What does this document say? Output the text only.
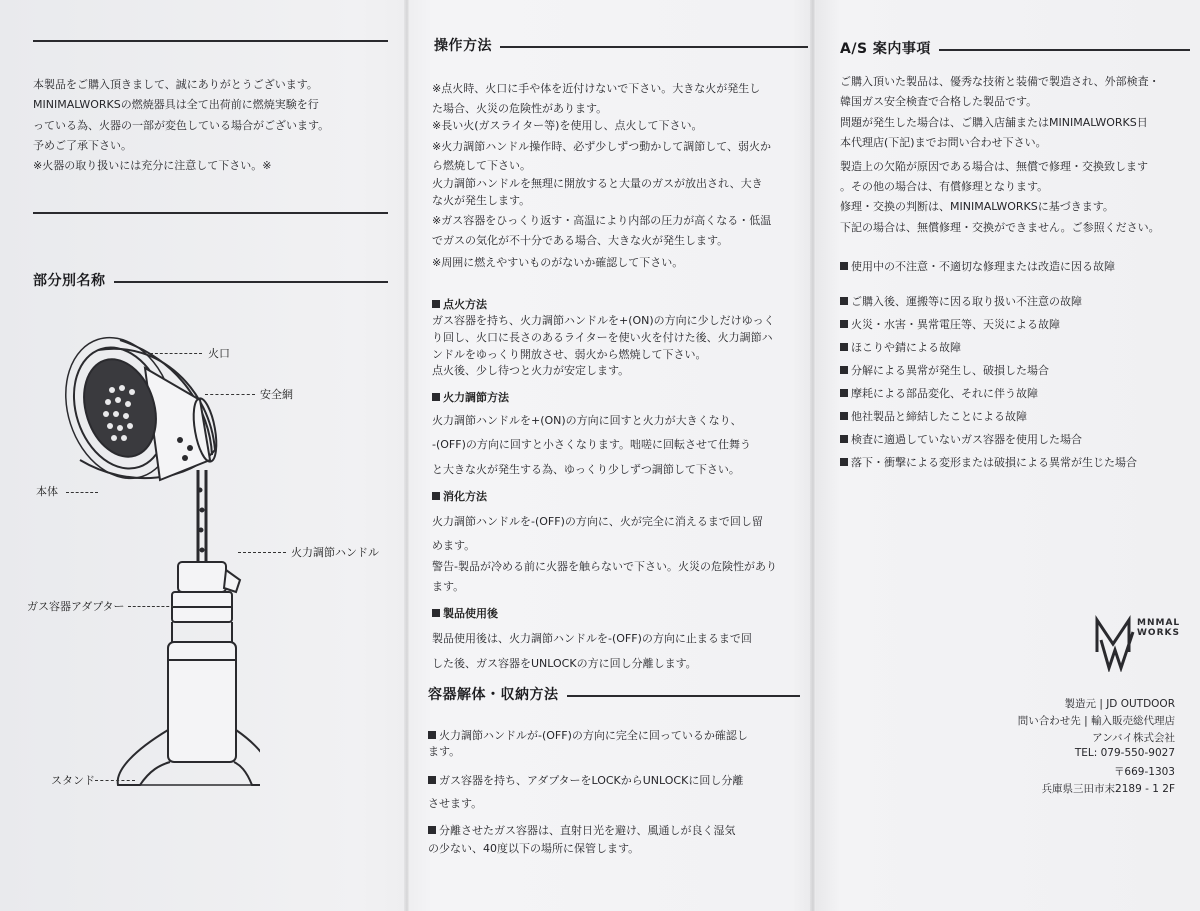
本製品をご購入頂きまして、誠にありがとうございます。
MINIMALWORKSの燃焼器具は全て出荷前に燃焼実験を行
っている為、火器の一部が変色している場合がございます。
予めご了承下さい。
※火器の取り扱いには充分に注意して下さい。※
部分別名称
火口
安全網
本体
火力調節ハンドル
ガス容器アダプター
スタンド
操作方法
※点火時、火口に手や体を近付けないで下さい。大きな火が発生し
た場合、火災の危険性があります。
※長い火(ガスライター等)を使用し、点火して下さい。
※火力調節ハンドル操作時、必ず少しずつ動かして調節して、弱火か
ら燃焼して下さい。
火力調節ハンドルを無理に開放すると大量のガスが放出され、大き
な火が発生します。
※ガス容器をひっくり返す・高温により内部の圧力が高くなる・低温
でガスの気化が不十分である場合、大きな火が発生します。
※周囲に燃えやすいものがないか確認して下さい。
点火方法
ガス容器を持ち、火力調節ハンドルを+(ON)の方向に少しだけゆっく
り回し、火口に長さのあるライターを使い火を付けた後、火力調節ハ
ンドルをゆっくり開放させ、弱火から燃焼して下さい。
点火後、少し待つと火力が安定します。
火力調節方法
火力調節ハンドルを+(ON)の方向に回すと火力が大きくなり、
-(OFF)の方向に回すと小さくなります。咄嗟に回転させて仕舞う
と大きな火が発生する為、ゆっくり少しずつ調節して下さい。
消化方法
火力調節ハンドルを-(OFF)の方向に、火が完全に消えるまで回し留
めます。
警告-製品が冷める前に火器を触らないで下さい。火災の危険性があり
ます。
製品使用後
製品使用後は、火力調節ハンドルを-(OFF)の方向に止まるまで回
した後、ガス容器をUNLOCKの方に回し分離します。
容器解体・収納方法
火力調節ハンドルが-(OFF)の方向に完全に回っているか確認し
ます。
ガス容器を持ち、アダプターをLOCKからUNLOCKに回し分離
させます。
分離させたガス容器は、直射日光を避け、風通しが良く湿気
の少ない、40度以下の場所に保管します。
A/S 案内事項
ご購入頂いた製品は、優秀な技術と装備で製造され、外部検査・
韓国ガス安全検査で合格した製品です。
問題が発生した場合は、ご購入店舗またはMINIMALWORKS日
本代理店(下記)までお問い合わせ下さい。
製造上の欠陥が原因である場合は、無償で修理・交換致します
。その他の場合は、有償修理となります。
修理・交換の判断は、MINIMALWORKSに基づきます。
下記の場合は、無償修理・交換ができません。ご参照ください。
使用中の不注意・不適切な修理または改造に因る故障
ご購入後、運搬等に因る取り扱い不注意の故障
火災・水害・異常電圧等、天災による故障
ほこりや錆による故障
分解による異常が発生し、破損した場合
摩耗による部品変化、それに伴う故障
他社製品と締結したことによる故障
検査に適過していないガス容器を使用した場合
落下・衝撃による変形または破損による異常が生じた場合
MNMAL
WORKS
製造元 | JD OUTDOOR
問い合わせ先 | 輸入販売総代理店
アンバイ株式会社
TEL: 079-550-9027
〒669-1303
兵庫県三田市末2189 - 1 2F
